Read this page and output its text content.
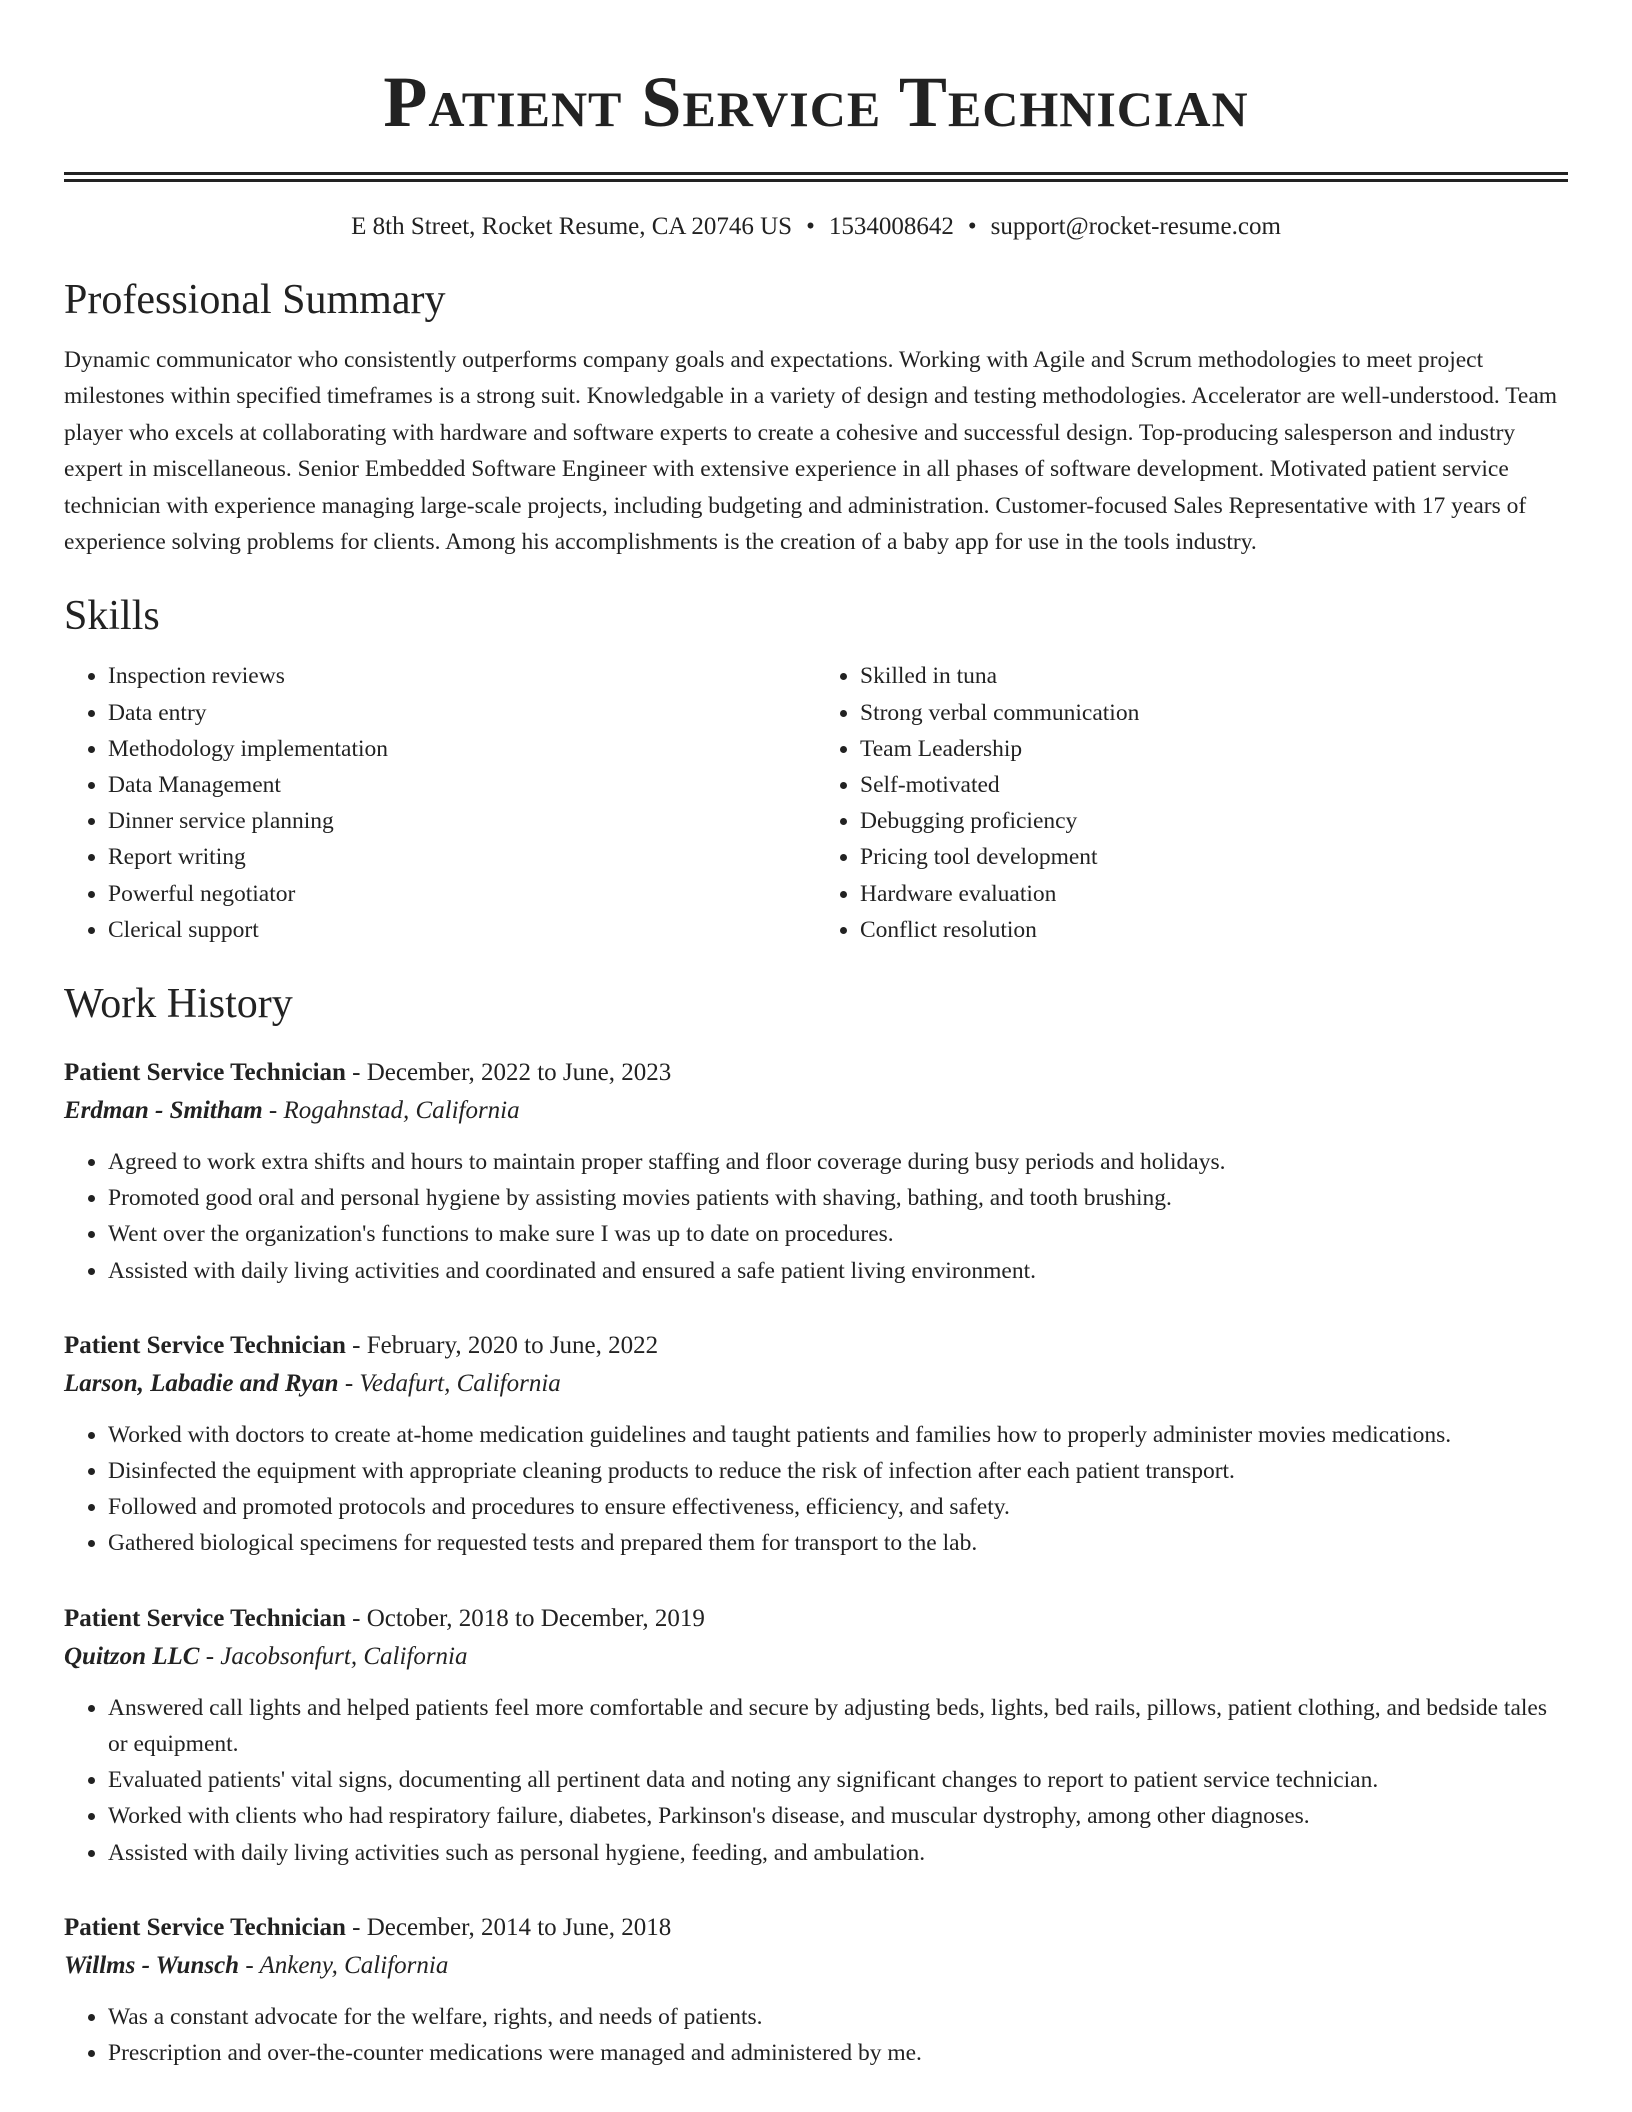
Patient Service Technician
E 8th Street, Rocket Resume, CA 20746 US • 1534008642 • support@rocket-resume.com
Professional Summary

Dynamic communicator who consistently outperforms company goals and expectations. Working with Agile and Scrum methodologies to meet project milestones within specified timeframes is a strong suit. Knowledgable in a variety of design and testing methodologies. Accelerator are well-understood. Team player who excels at collaborating with hardware and software experts to create a cohesive and successful design. Top-producing salesperson and industry expert in miscellaneous. Senior Embedded Software Engineer with extensive experience in all phases of software development. Motivated patient service technician with experience managing large-scale projects, including budgeting and administration. Customer-focused Sales Representative with 17 years of experience solving problems for clients. Among his accomplishments is the creation of a baby app for use in the tools industry.

Skills
• Inspection reviews
• Data entry
• Methodology implementation
• Data Management
• Dinner service planning
• Report writing
• Powerful negotiator
• Clerical support
• Skilled in tuna
• Strong verbal communication
• Team Leadership
• Self-motivated
• Debugging proficiency
• Pricing tool development
• Hardware evaluation
• Conflict resolution
Work History
Patient Service Technician - December, 2022 to June, 2023
Erdman - Smitham - Rogahnstad, California
• Agreed to work extra shifts and hours to maintain proper staffing and floor coverage during busy periods and holidays.
• Promoted good oral and personal hygiene by assisting movies patients with shaving, bathing, and tooth brushing.
• Went over the organization's functions to make sure I was up to date on procedures.
• Assisted with daily living activities and coordinated and ensured a safe patient living environment.
Patient Service Technician - February, 2020 to June, 2022
Larson, Labadie and Ryan - Vedafurt, California
• Worked with doctors to create at-home medication guidelines and taught patients and families how to properly administer movies medications.
• Disinfected the equipment with appropriate cleaning products to reduce the risk of infection after each patient transport.
• Followed and promoted protocols and procedures to ensure effectiveness, efficiency, and safety.
• Gathered biological specimens for requested tests and prepared them for transport to the lab.
Patient Service Technician - October, 2018 to December, 2019
Quitzon LLC - Jacobsonfurt, California
• Answered call lights and helped patients feel more comfortable and secure by adjusting beds, lights, bed rails, pillows, patient clothing, and bedside tales or equipment.
• Evaluated patients' vital signs, documenting all pertinent data and noting any significant changes to report to patient service technician.
• Worked with clients who had respiratory failure, diabetes, Parkinson's disease, and muscular dystrophy, among other diagnoses.
• Assisted with daily living activities such as personal hygiene, feeding, and ambulation.
Patient Service Technician - December, 2014 to June, 2018
Willms - Wunsch - Ankeny, California
• Was a constant advocate for the welfare, rights, and needs of patients.
• Prescription and over-the-counter medications were managed and administered by me.
